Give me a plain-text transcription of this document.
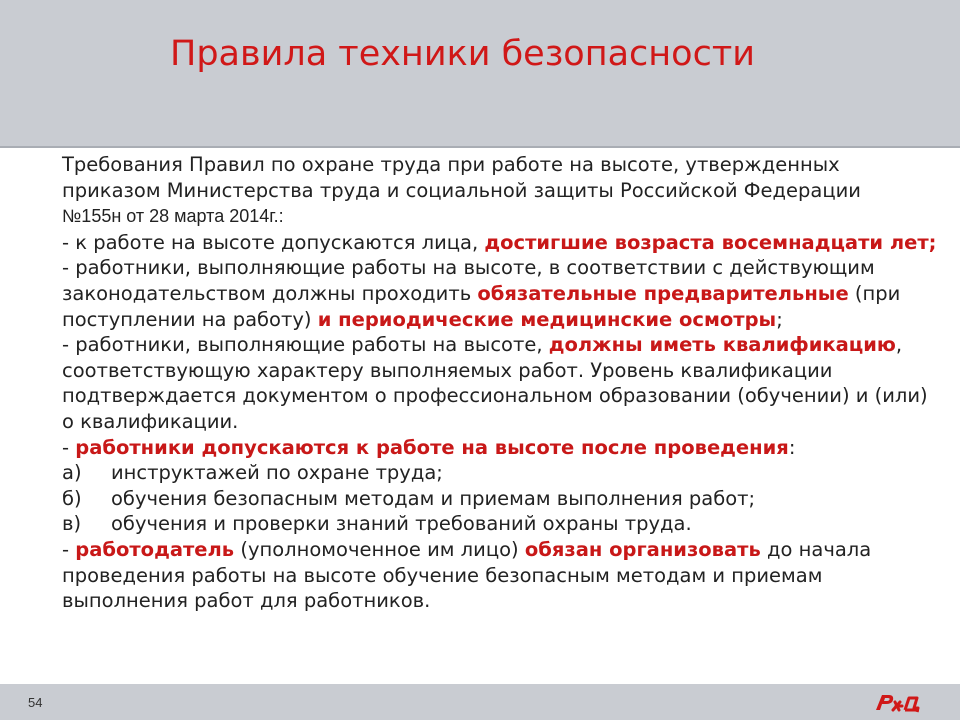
Правила техники безопасности

Требования Правил по охране труда при работе на высоте, утвержденных приказом Министерства труда и социальной защиты Российской Федерации
№155н от 28 марта 2014г.:

- к работе на высоте допускаются лица, достигшие возраста восемнадцати лет;

- работники, выполняющие работы на высоте, в соответствии с действующим законодательством должны проходить обязательные предварительные (при поступлении на работу) и периодические медицинские осмотры;

- работники, выполняющие работы на высоте, должны иметь квалификацию, соответствующую характеру выполняемых работ. Уровень квалификации подтверждается документом о профессиональном образовании (обучении) и (или) о квалификации.

- работники допускаются к работе на высоте после проведения:

а) инструктажей по охране труда;

б) обучения безопасным методам и приемам выполнения работ;

в) обучения и проверки знаний требований охраны труда.

- работодатель (уполномоченное им лицо) обязан организовать до начала проведения работы на высоте обучение безопасным методам и приемам выполнения работ для работников.

54
